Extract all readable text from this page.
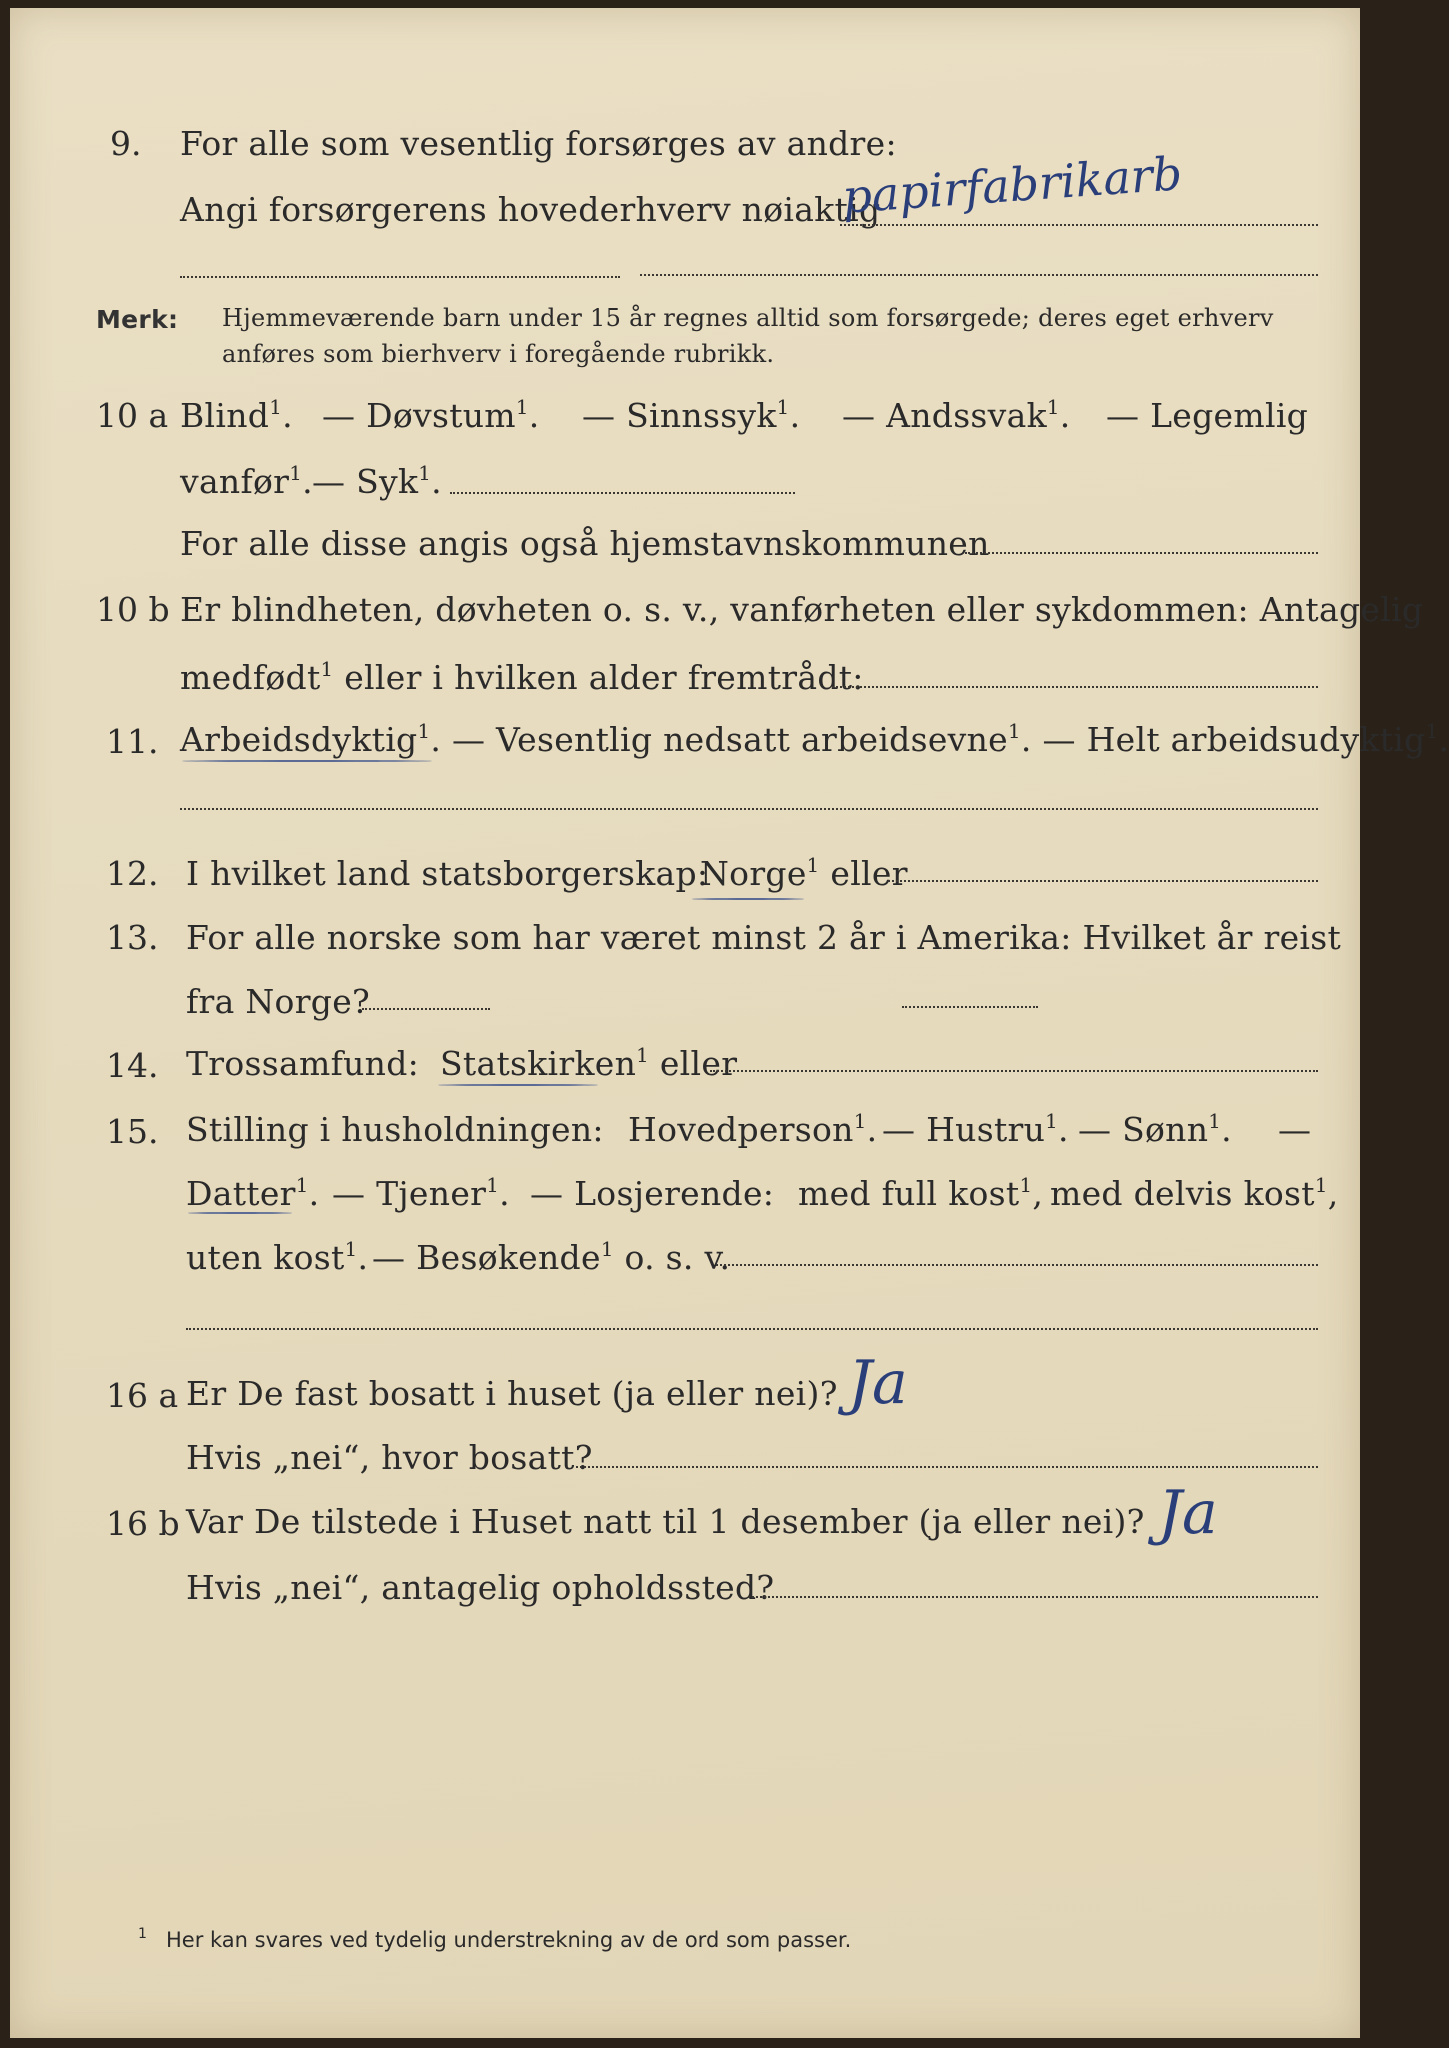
9. For alle som vesentlig forsørges av andre:
Angi forsørgerens hovederhverv nøiaktig
papirfabrikarb
Merk: Hjemmeværende barn under 15 år regnes alltid som forsørgede; deres eget erhverv
anføres som bierhverv i foregående rubrikk.
10 a Blind$^1$. — Døvstum$^1$. — Sinnssyk$^1$. — Andssvak$^1$. — Legemlig
vanfør$^1$. — Syk$^1$.
For alle disse angis også hjemstavnskommunen
10 b Er blindheten, døvheten o. s. v., vanførheten eller sykdommen: Antagelig
medfødt$^1$ eller i hvilken alder fremtrådt:
11. Arbeidsdyktig$^1$. — Vesentlig nedsatt arbeidsevne$^1$. — Helt arbeidsudyktig$^1$.
12. I hvilket land statsborgerskap:
Norge$^1$ eller
13. For alle norske som har været minst 2 år i Amerika: Hvilket år reist
fra Norge?
14. Trossamfund: Statskirken$^1$ eller
15. Stilling i husholdningen: Hovedperson$^1$. — Hustru$^1$. — Sønn$^1$. —
Datter$^1$. — Tjener$^1$. — Losjerende: med full kost$^1$, med delvis kost$^1$,
uten kost$^1$. — Besøkende$^1$ o. s. v.
16 a Er De fast bosatt i huset (ja eller nei)? Ja
Hvis „nei“, hvor bosatt?
16 b Var De tilstede i Huset natt til 1 desember (ja eller nei)? Ja
Hvis „nei“, antagelig opholdssted?
1 Her kan svares ved tydelig understrekning av de ord som passer.
